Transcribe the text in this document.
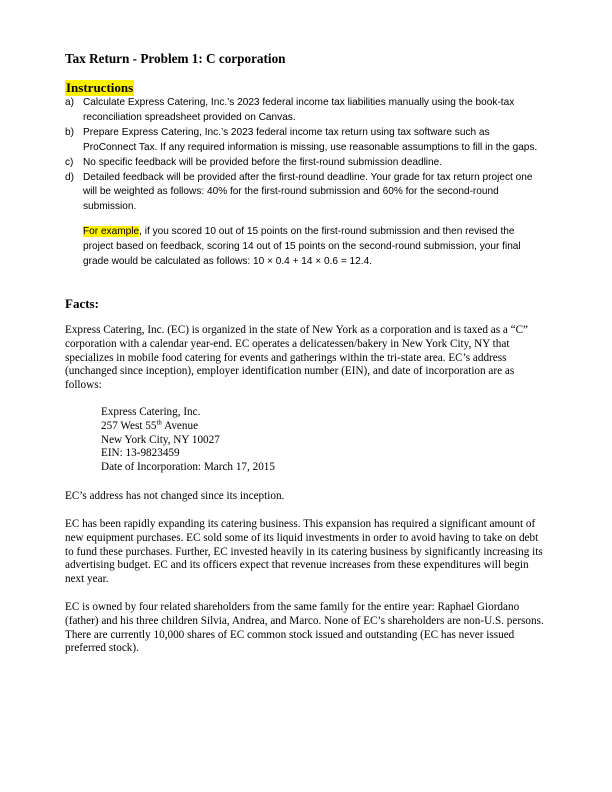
Tax Return - Problem 1: C corporation
Instructions
a) Calculate Express Catering, Inc.’s 2023 federal income tax liabilities manually using the book-tax reconciliation spreadsheet provided on Canvas.
b) Prepare Express Catering, Inc.’s 2023 federal income tax return using tax software such as ProConnect Tax. If any required information is missing, use reasonable assumptions to fill in the gaps.
c) No specific feedback will be provided before the first-round submission deadline.
d) Detailed feedback will be provided after the first-round deadline. Your grade for tax return project one will be weighted as follows: 40% for the first-round submission and 60% for the second-round submission.
For example, if you scored 10 out of 15 points on the first-round submission and then revised the project based on feedback, scoring 14 out of 15 points on the second-round submission, your final grade would be calculated as follows: 10 × 0.4 + 14 × 0.6 = 12.4.
Facts:
Express Catering, Inc. (EC) is organized in the state of New York as a corporation and is taxed as a “C” corporation with a calendar year-end. EC operates a delicatessen/bakery in New York City, NY that specializes in mobile food catering for events and gatherings within the tri-state area. EC’s address (unchanged since inception), employer identification number (EIN), and date of incorporation are as follows:
Express Catering, Inc.
257 West 55th Avenue
New York City, NY 10027
EIN: 13-9823459
Date of Incorporation: March 17, 2015
EC’s address has not changed since its inception.
EC has been rapidly expanding its catering business. This expansion has required a significant amount of new equipment purchases. EC sold some of its liquid investments in order to avoid having to take on debt to fund these purchases. Further, EC invested heavily in its catering business by significantly increasing its advertising budget. EC and its officers expect that revenue increases from these expenditures will begin next year.
EC is owned by four related shareholders from the same family for the entire year: Raphael Giordano (father) and his three children Silvia, Andrea, and Marco. None of EC’s shareholders are non-U.S. persons. There are currently 10,000 shares of EC common stock issued and outstanding (EC has never issued preferred stock).
